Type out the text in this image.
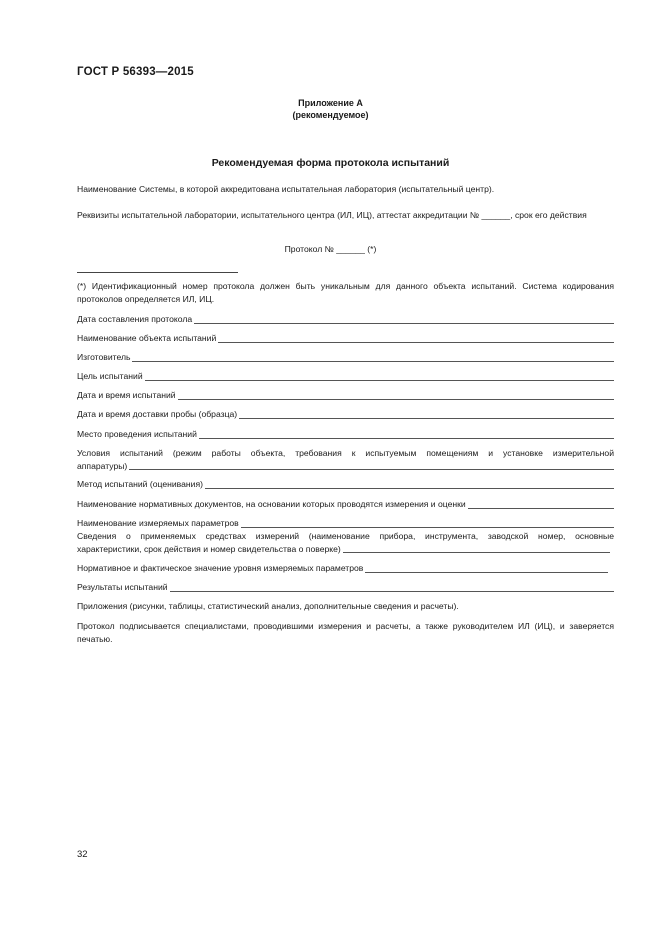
ГОСТ Р 56393—2015
Приложение А
(рекомендуемое)
Рекомендуемая форма протокола испытаний
Наименование Системы, в которой аккредитована испытательная лаборатория (испытательный центр).
Реквизиты испытательной лаборатории, испытательного центра (ИЛ, ИЦ), аттестат аккредитации № ______, срок его действия
Протокол № ______ (*)
(*) Идентификационный номер протокола должен быть уникальным для данного объекта испытаний. Система кодирования протоколов определяется ИЛ, ИЦ.
Дата составления протокола
Наименование объекта испытаний
Изготовитель
Цель испытаний
Дата и время испытаний
Дата и время доставки пробы (образца)
Место проведения испытаний
Условия испытаний (режим работы объекта, требования к испытуемым помещениям и установке измерительной
аппаратуры)
Метод испытаний (оценивания)
Наименование нормативных документов, на основании которых проводятся измерения и оценки
Наименование измеряемых параметров
Сведения о применяемых средствах измерений (наименование прибора, инструмента, заводской номер, основные
характеристики, срок действия и номер свидетельства о поверке)
Нормативное и фактическое значение уровня измеряемых параметров
Результаты испытаний
Приложения (рисунки, таблицы, статистический анализ, дополнительные сведения и расчеты).
Протокол подписывается специалистами, проводившими измерения и расчеты, а также руководителем ИЛ (ИЦ), и заверяется печатью.
32
